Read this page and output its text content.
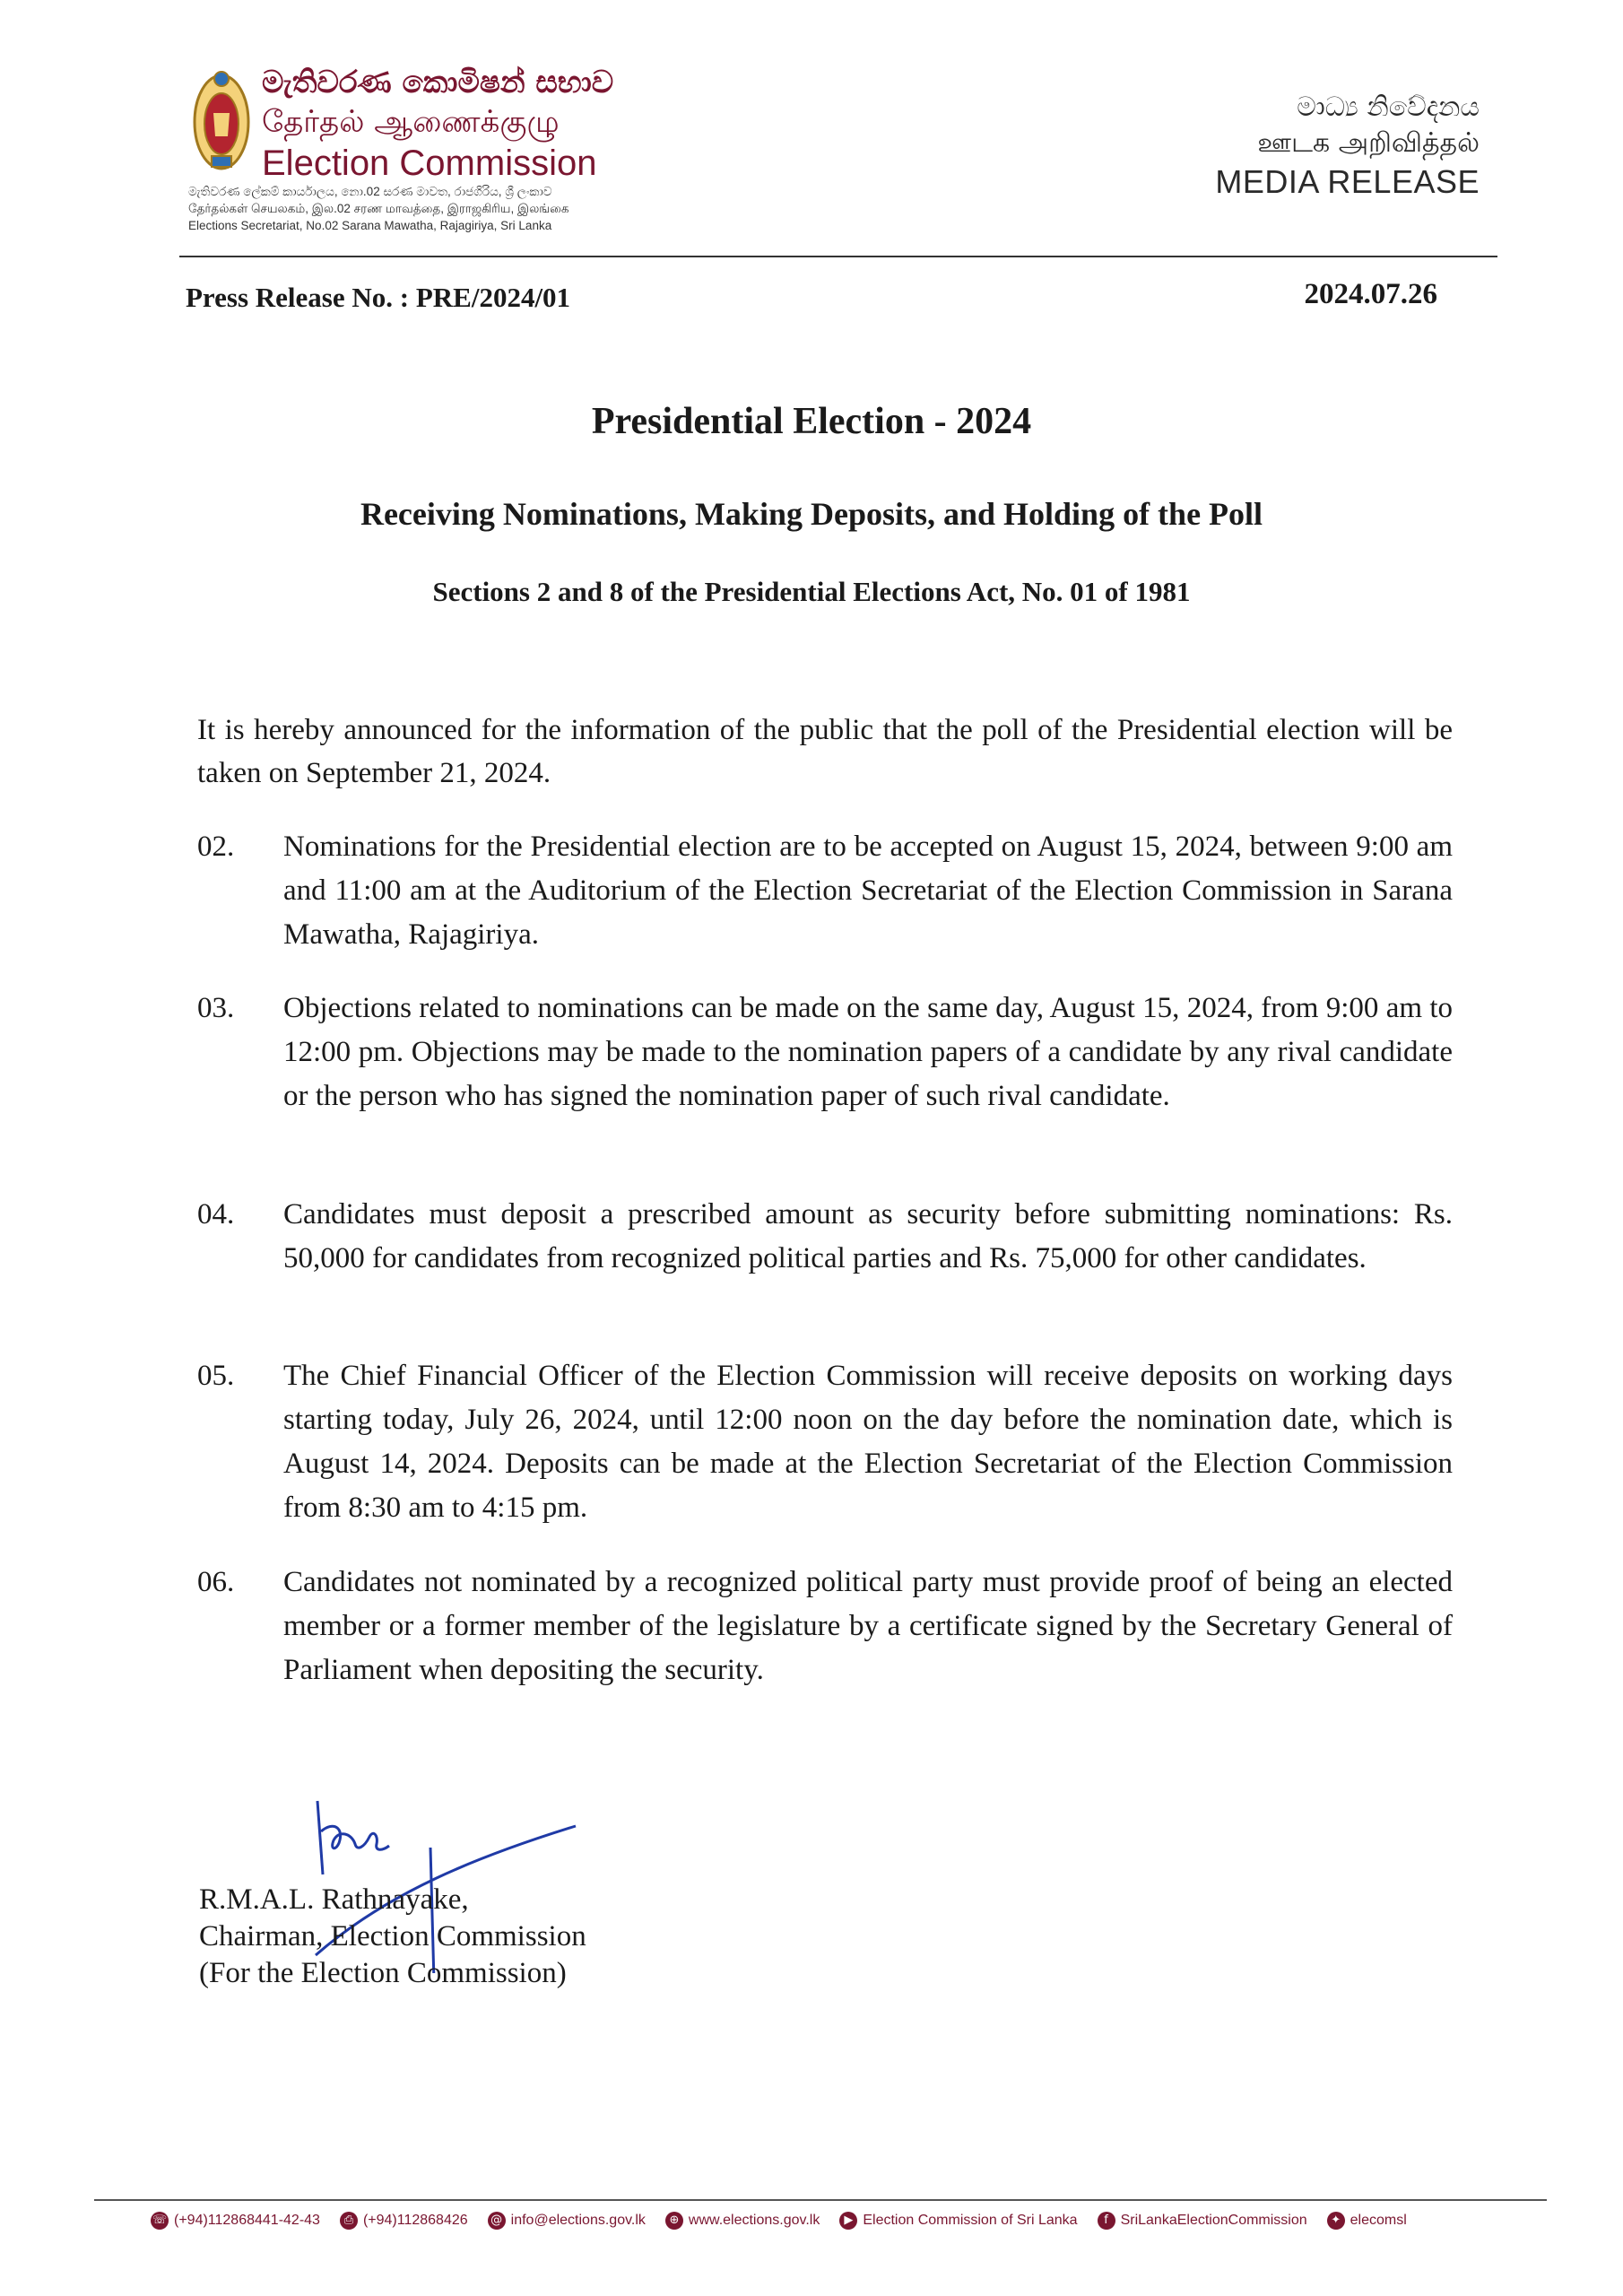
මැතිවරණ කොමිෂන් සභාව
தேர்தல் ஆணைக்குழு
Election Commission
මැතිවරණ ලේකම් කාර්යාලය, නො.02 සරණ මාවත, රාජගිරිය, ශ්‍රී ලංකාව
தேர்தல்கள் செயலகம், இல.02 சரண மாவத்தை, இராஜகிரிய, இலங்கை
Elections Secretariat, No.02 Sarana Mawatha, Rajagiriya, Sri Lanka
මාධ්‍ය නිවේදනය
ஊடக அறிவித்தல்
MEDIA RELEASE
Press Release No. : PRE/2024/01	2024.07.26
Presidential Election - 2024
Receiving Nominations, Making Deposits, and Holding of the Poll
Sections 2 and 8 of the Presidential Elections Act, No. 01 of 1981
It is hereby announced for the information of the public that the poll of the Presidential election will be taken on September 21, 2024.
02.	Nominations for the Presidential election are to be accepted on August 15, 2024, between 9:00 am and 11:00 am at the Auditorium of the Election Secretariat of the Election Commission in Sarana Mawatha, Rajagiriya.
03.	Objections related to nominations can be made on the same day, August 15, 2024, from 9:00 am to 12:00 pm. Objections may be made to the nomination papers of a candidate by any rival candidate or the person who has signed the nomination paper of such rival candidate.
04.	Candidates must deposit a prescribed amount as security before submitting nominations: Rs. 50,000 for candidates from recognized political parties and Rs. 75,000 for other candidates.
05.	The Chief Financial Officer of the Election Commission will receive deposits on working days starting today, July 26, 2024, until 12:00 noon on the day before the nomination date, which is August 14, 2024. Deposits can be made at the Election Secretariat of the Election Commission from 8:30 am to 4:15 pm.
06.	Candidates not nominated by a recognized political party must provide proof of being an elected member or a former member of the legislature by a certificate signed by the Secretary General of Parliament when depositing the security.
R.M.A.L. Rathnayake,
Chairman, Election Commission
(For the Election Commission)
☏ (+94)112868441-42-43	⎙ (+94)112868426 @ info@elections.gov.lk	⊕ www.elections.gov.lk	▶ Election Commission of Sri Lanka	f SriLankaElectionCommission	✦ elecomsl
